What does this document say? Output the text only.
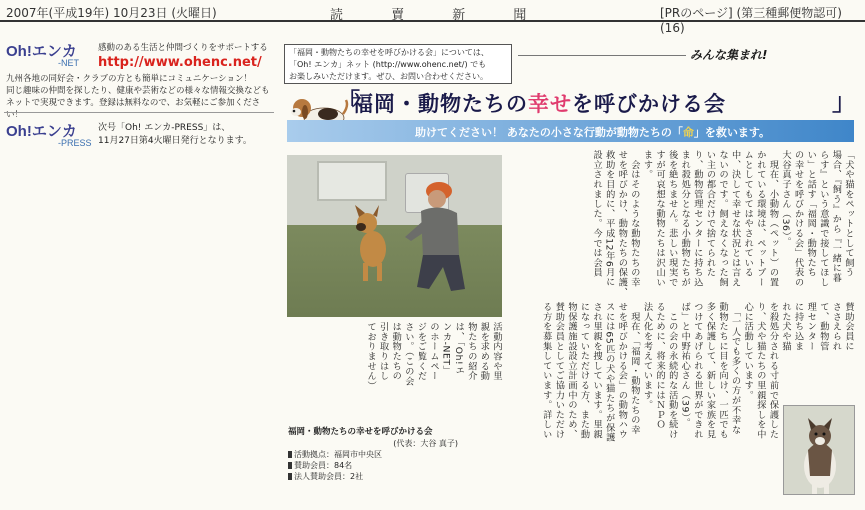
2007年(平成19年) 10月23日 (火曜日)	読 賣 新 聞	[PRのページ] (第三種郵便物認可) (16)
Oh!エンカ
-NET
感動のある生活と仲間づくりをサポートする
http://www.ohenc.net/
九州各地の同好会・クラブの方とも簡単にコミュニケーション！
同じ趣味の仲間を探したり、健康や芸術などの様々な情報交換なども
ネットで実現できます。登録は無料なので、お気軽にご参加ください！
Oh!エンカ
-PRESS
次号「Oh! エンカ-PRESS」は、
11月27日第4火曜日発行となります。
「福岡・動物たちの幸せを呼びかける会」については、
「Oh! エンカ」ネット (http://www.ohenc.net/) でも
お楽しみいただけます。ぜひ、お問い合わせください。
みんな集まれ!
「
福岡・動物たちの幸せを呼びかける会	」
助けてください！ あなたの小さな行動が動物たちの「命」を救います。
「犬や猫をペットとして飼う
場合、『飼う』から『一緒に暮
らす』という意識で接してほし
い」と話す「福岡・動物たち
の幸せを呼びかける会」代表の
大谷真子さん（36）。
　現在、小動物（ペット）の置
かれている環境は、ペットブー
ムとしてもてはやされている
中、決して幸せな状況とは言え
ないのです。飼えなくなった飼
い主の都合だけで捨てられた
り、動物管理センターに持ち込
まれ殺処分となる小動物たちが
後を絶ちません。悲しい現実で
すが可哀想な動物たちは沢山い
ます。
　会はそのような動物たちの幸
せを呼びかけ、動物たちの保護、
救助を目的に、平成12年6月に
設立されました。今では会員
賛助会員に
ささえられ
て、動物管
理センター
に持ち込ま
れた犬や猫
を殺処分される寸前で保護した
り、犬や猫たちの里親探しを中
心に活動しています。
　「一人でも多くの方が不幸な
動物たちに目を向け、一匹でも
多く保護して、新しい家族を見
つけてあげられる世界ができれ
ば」と中野祐心さん（39）。
　この会の永続的な活動を続け
るために、将来的にはＮＰＯ
法人化を考えています。
　現在、「福岡・動物たちの幸
せを呼びかける会」の動物ハウ
スには65匹の犬や猫たちが保護
され里親を捜しています。里親
になっていただける方、また動
物保護施設設立計画中のため、
賛助会員としてご協力いただけ
る方を募集しています。詳しい
活動内容や里
親を求める動
物たちの紹介
は、「Oh!エ
ンカ-NET」
のホームペー
ジをご覧くだ
さい。（この会
は動物たちの
引き取りはし
ておりません）
福岡・動物たちの幸せを呼びかける会
(代表：大谷 真子)
活動拠点：福岡市中央区
賛助会員：84名
法人賛助会員：2社
